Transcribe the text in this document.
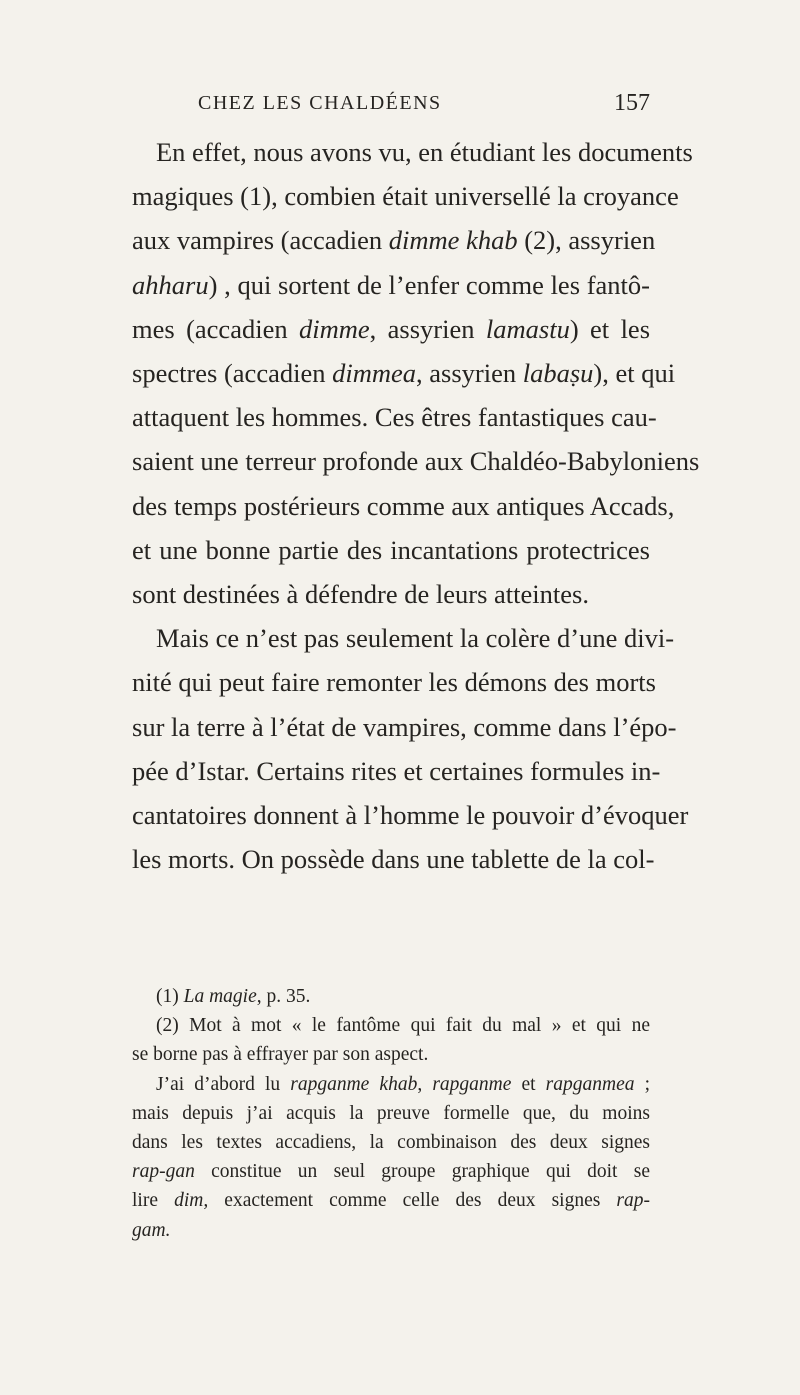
CHEZ LES CHALDÉENS	157
En effet, nous avons vu, en étudiant les documents
magiques (1), combien était universellé la croyance
aux vampires (accadien dimme khab (2), assyrien
ahharu) , qui sortent de l’enfer comme les fantô-
mes (accadien dimme, assyrien lamastu) et les
spectres (accadien dimmea, assyrien labaṣu), et qui
attaquent les hommes. Ces êtres fantastiques cau-
saient une terreur profonde aux Chaldéo-Babyloniens
des temps postérieurs comme aux antiques Accads,
et une bonne partie des incantations protectrices
sont destinées à défendre de leurs atteintes.
Mais ce n’est pas seulement la colère d’une divi-
nité qui peut faire remonter les démons des morts
sur la terre à l’état de vampires, comme dans l’épo-
pée d’Istar. Certains rites et certaines formules in-
cantatoires donnent à l’homme le pouvoir d’évoquer
les morts. On possède dans une tablette de la col-
(1) La magie, p. 35.
(2) Mot à mot « le fantôme qui fait du mal » et qui ne
se borne pas à effrayer par son aspect.
J’ai d’abord lu rapganme khab, rapganme et rapganmea ;
mais depuis j’ai acquis la preuve formelle que, du moins
dans les textes accadiens, la combinaison des deux signes
rap-gan constitue un seul groupe graphique qui doit se
lire dim, exactement comme celle des deux signes rap-
gam.
